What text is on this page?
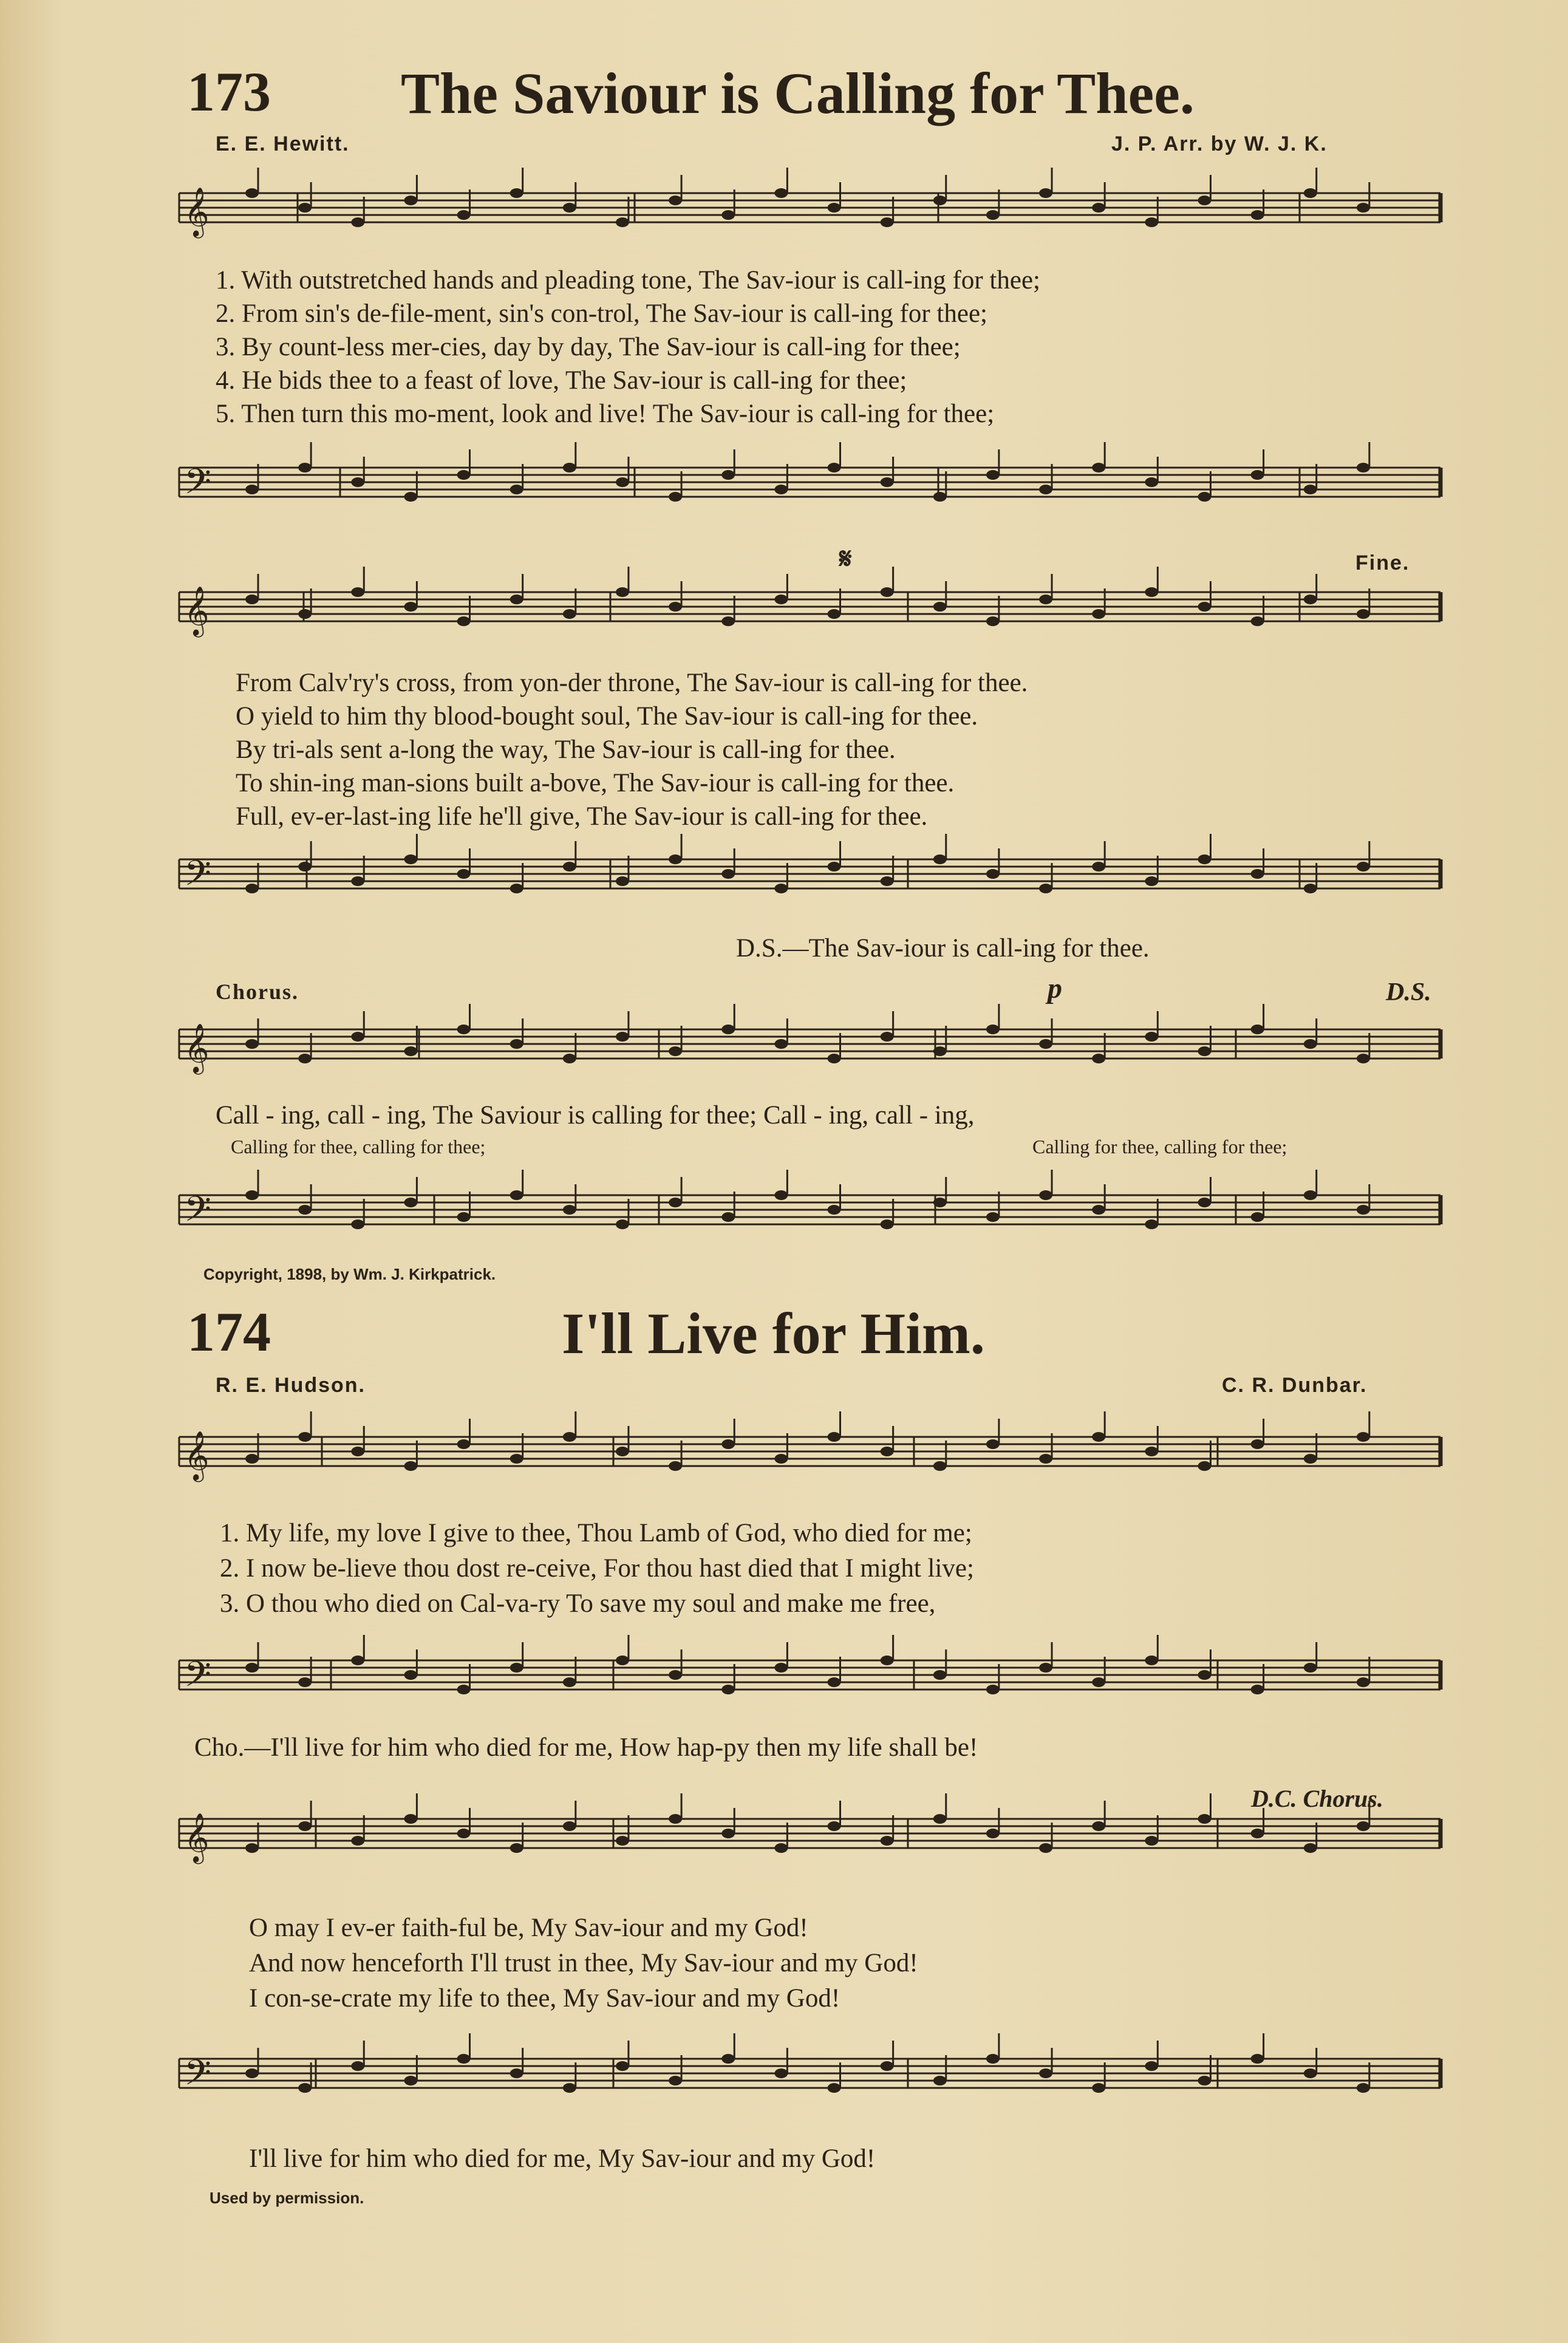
𝄞
𝄢
𝄞
𝄢
𝄞
𝄢
𝄞
𝄢
𝄞
𝄢
173 The Saviour is Calling for Thee.
E. E. Hewitt.	J. P. Arr. by W. J. K.
1. With outstretched hands and pleading tone, The Sav-iour is call-ing for thee;
2. From sin's de-file-ment, sin's con-trol, The Sav-iour is call-ing for thee;
3. By count-less mer-cies, day by day, The Sav-iour is call-ing for thee;
4. He bids thee to a feast of love, The Sav-iour is call-ing for thee;
5. Then turn this mo-ment, look and live! The Sav-iour is call-ing for thee;
𝄋	Fine.
From Calv'ry's cross, from yon-der throne, The Sav-iour is call-ing for thee.
O yield to him thy blood-bought soul, The Sav-iour is call-ing for thee.
By tri-als sent a-long the way, The Sav-iour is call-ing for thee.
To shin-ing man-sions built a-bove, The Sav-iour is call-ing for thee.
Full, ev-er-last-ing life he'll give, The Sav-iour is call-ing for thee.
D.S.—The Sav-iour is call-ing for thee.
Chorus.	p	D.S.
Call - ing, call - ing, The Saviour is calling for thee; Call - ing, call - ing,
Calling for thee, calling for thee;	Calling for thee, calling for thee;
Copyright, 1898, by Wm. J. Kirkpatrick.
174	I'll Live for Him.
R. E. Hudson.	C. R. Dunbar.
1. My life, my love I give to thee, Thou Lamb of God, who died for me;
2. I now be-lieve thou dost re-ceive, For thou hast died that I might live;
3. O thou who died on Cal-va-ry To save my soul and make me free,
Cho.—I'll live for him who died for me, How hap-py then my life shall be!
D.C. Chorus.
O may I ev-er faith-ful be, My Sav-iour and my God!
And now henceforth I'll trust in thee, My Sav-iour and my God!
I con-se-crate my life to thee, My Sav-iour and my God!
I'll live for him who died for me, My Sav-iour and my God!
Used by permission.
